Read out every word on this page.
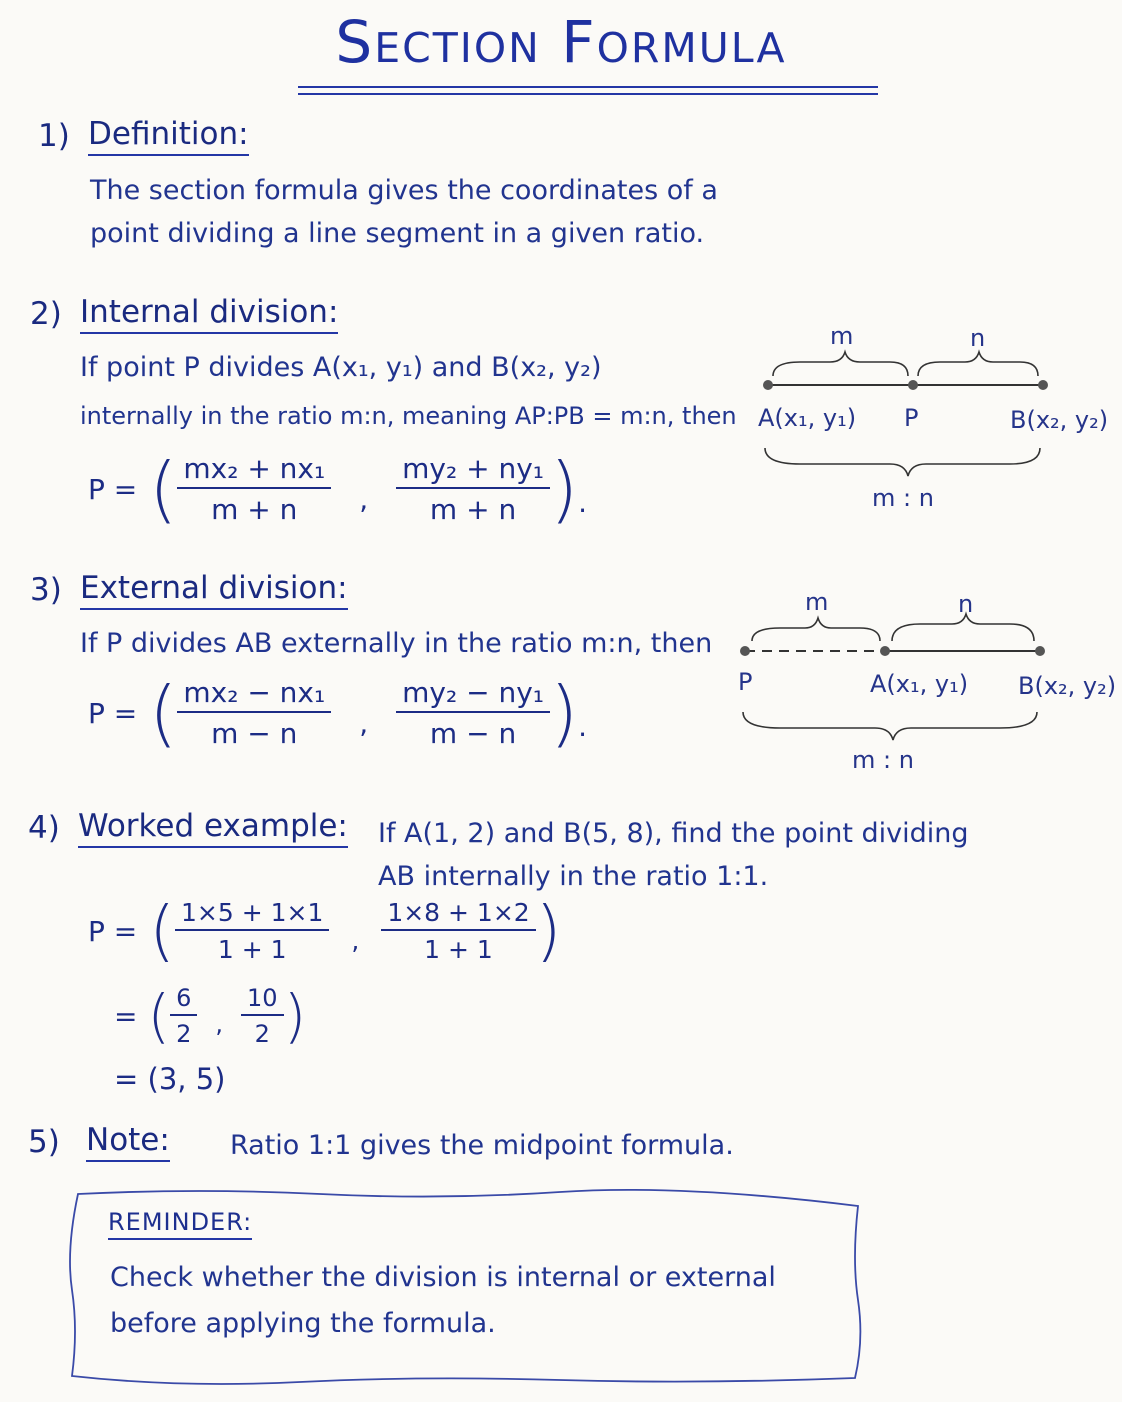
Section Formula
1) Definition:
The section formula gives the coordinates of a
point dividing a line segment in a given ratio.
2) Internal division:
If point P divides A(x₁, y₁) and B(x₂, y₂)
internally in the ratio m:n, meaning AP:PB = m:n, then
P = ( $\frac{\text{mx₂ + nx₁}}{m + n}$ , $\frac{\text{my₂ + ny₁}}{m + n}$ ) .
m	n
A(x₁, y₁) P	B(x₂, y₂)
m : n
3) External division:
If P divides AB externally in the ratio m:n, then
P = ( $\frac{\text{mx₂ − nx₁}}{m - n}$ , $\frac{\text{my₂ − ny₁}}{m - n}$ ) .
m	n
P	A(x₁, y₁) B(x₂, y₂)
m : n
4) Worked example: If A(1, 2) and B(5, 8), find the point dividing
AB internally in the ratio 1:1.
P = ( $\frac{1\times 5 + 1\times 1}{1 + 1}$ , $\frac{1\times 8 + 1\times 2}{1 + 1}$ )
= ( $\frac{6}{2}$ , $\frac{10}{2}$ )
= (3, 5)
5) Note: Ratio 1:1 gives the midpoint formula.
REMINDER:
Check whether the division is internal or external
before applying the formula.
